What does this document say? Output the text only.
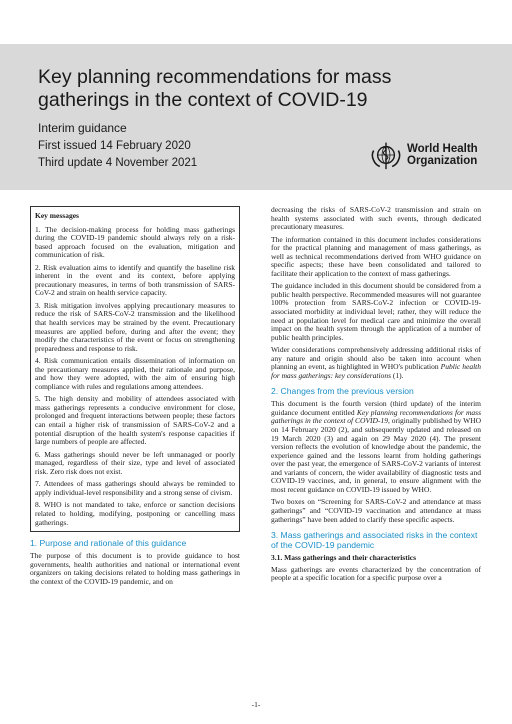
Key planning recommendations for mass gatherings in the context of COVID-19
Interim guidance
First issued 14 February 2020
Third update 4 November 2021
World Health
Organization
Key messages

1. The decision-making process for holding mass gatherings during the COVID-19 pandemic should always rely on a risk-based approach focused on the evaluation, mitigation and communication of risk.

2. Risk evaluation aims to identify and quantify the baseline risk inherent in the event and its context, before applying precautionary measures, in terms of both transmission of SARS-CoV-2 and strain on health service capacity.

3. Risk mitigation involves applying precautionary measures to reduce the risk of SARS-CoV-2 transmission and the likelihood that health services may be strained by the event. Precautionary measures are applied before, during and after the event; they modify the characteristics of the event or focus on strengthening preparedness and response to risk.

4. Risk communication entails dissemination of information on the precautionary measures applied, their rationale and purpose, and how they were adopted, with the aim of ensuring high compliance with rules and regulations among attendees.

5. The high density and mobility of attendees associated with mass gatherings represents a conducive environment for close, prolonged and frequent interactions between people; these factors can entail a higher risk of transmission of SARS-CoV-2 and a potential disruption of the health system's response capacities if large numbers of people are affected.

6. Mass gatherings should never be left unmanaged or poorly managed, regardless of their size, type and level of associated risk. Zero risk does not exist.

7. Attendees of mass gatherings should always be reminded to apply individual-level responsibility and a strong sense of civism.

8. WHO is not mandated to take, enforce or sanction decisions related to holding, modifying, postponing or cancelling mass gatherings.

1. Purpose and rationale of this guidance

The purpose of this document is to provide guidance to host governments, health authorities and national or international event organizers on taking decisions related to holding mass gatherings in the context of the COVID-19 pandemic, and on

decreasing the risks of SARS-CoV-2 transmission and strain on health systems associated with such events, through dedicated precautionary measures.

The information contained in this document includes considerations for the practical planning and management of mass gatherings, as well as technical recommendations derived from WHO guidance on specific aspects; these have been consolidated and tailored to facilitate their application to the context of mass gatherings.

The guidance included in this document should be considered from a public health perspective. Recommended measures will not guarantee 100% protection from SARS-CoV-2 infection or COVID-19-associated morbidity at individual level; rather, they will reduce the need at population level for medical care and minimize the overall impact on the health system through the application of a number of public health principles.

Wider considerations comprehensively addressing additional risks of any nature and origin should also be taken into account when planning an event, as highlighted in WHO's publication Public health for mass gatherings: key considerations (1).

2. Changes from the previous version

This document is the fourth version (third update) of the interim guidance document entitled Key planning recommendations for mass gatherings in the context of COVID-19, originally published by WHO on 14 February 2020 (2), and subsequently updated and released on 19 March 2020 (3) and again on 29 May 2020 (4). The present version reflects the evolution of knowledge about the pandemic, the experience gained and the lessons learnt from holding gatherings over the past year, the emergence of SARS-CoV-2 variants of interest and variants of concern, the wider availability of diagnostic tests and COVID-19 vaccines, and, in general, to ensure alignment with the most recent guidance on COVID-19 issued by WHO.

Two boxes on “Screening for SARS-CoV-2 and attendance at mass gatherings” and “COVID-19 vaccination and attendance at mass gatherings” have been added to clarify these specific aspects.

3. Mass gatherings and associated risks in the context of the COVID-19 pandemic
3.1. Mass gatherings and their characteristics

Mass gatherings are events characterized by the concentration of people at a specific location for a specific purpose over a

-1-
